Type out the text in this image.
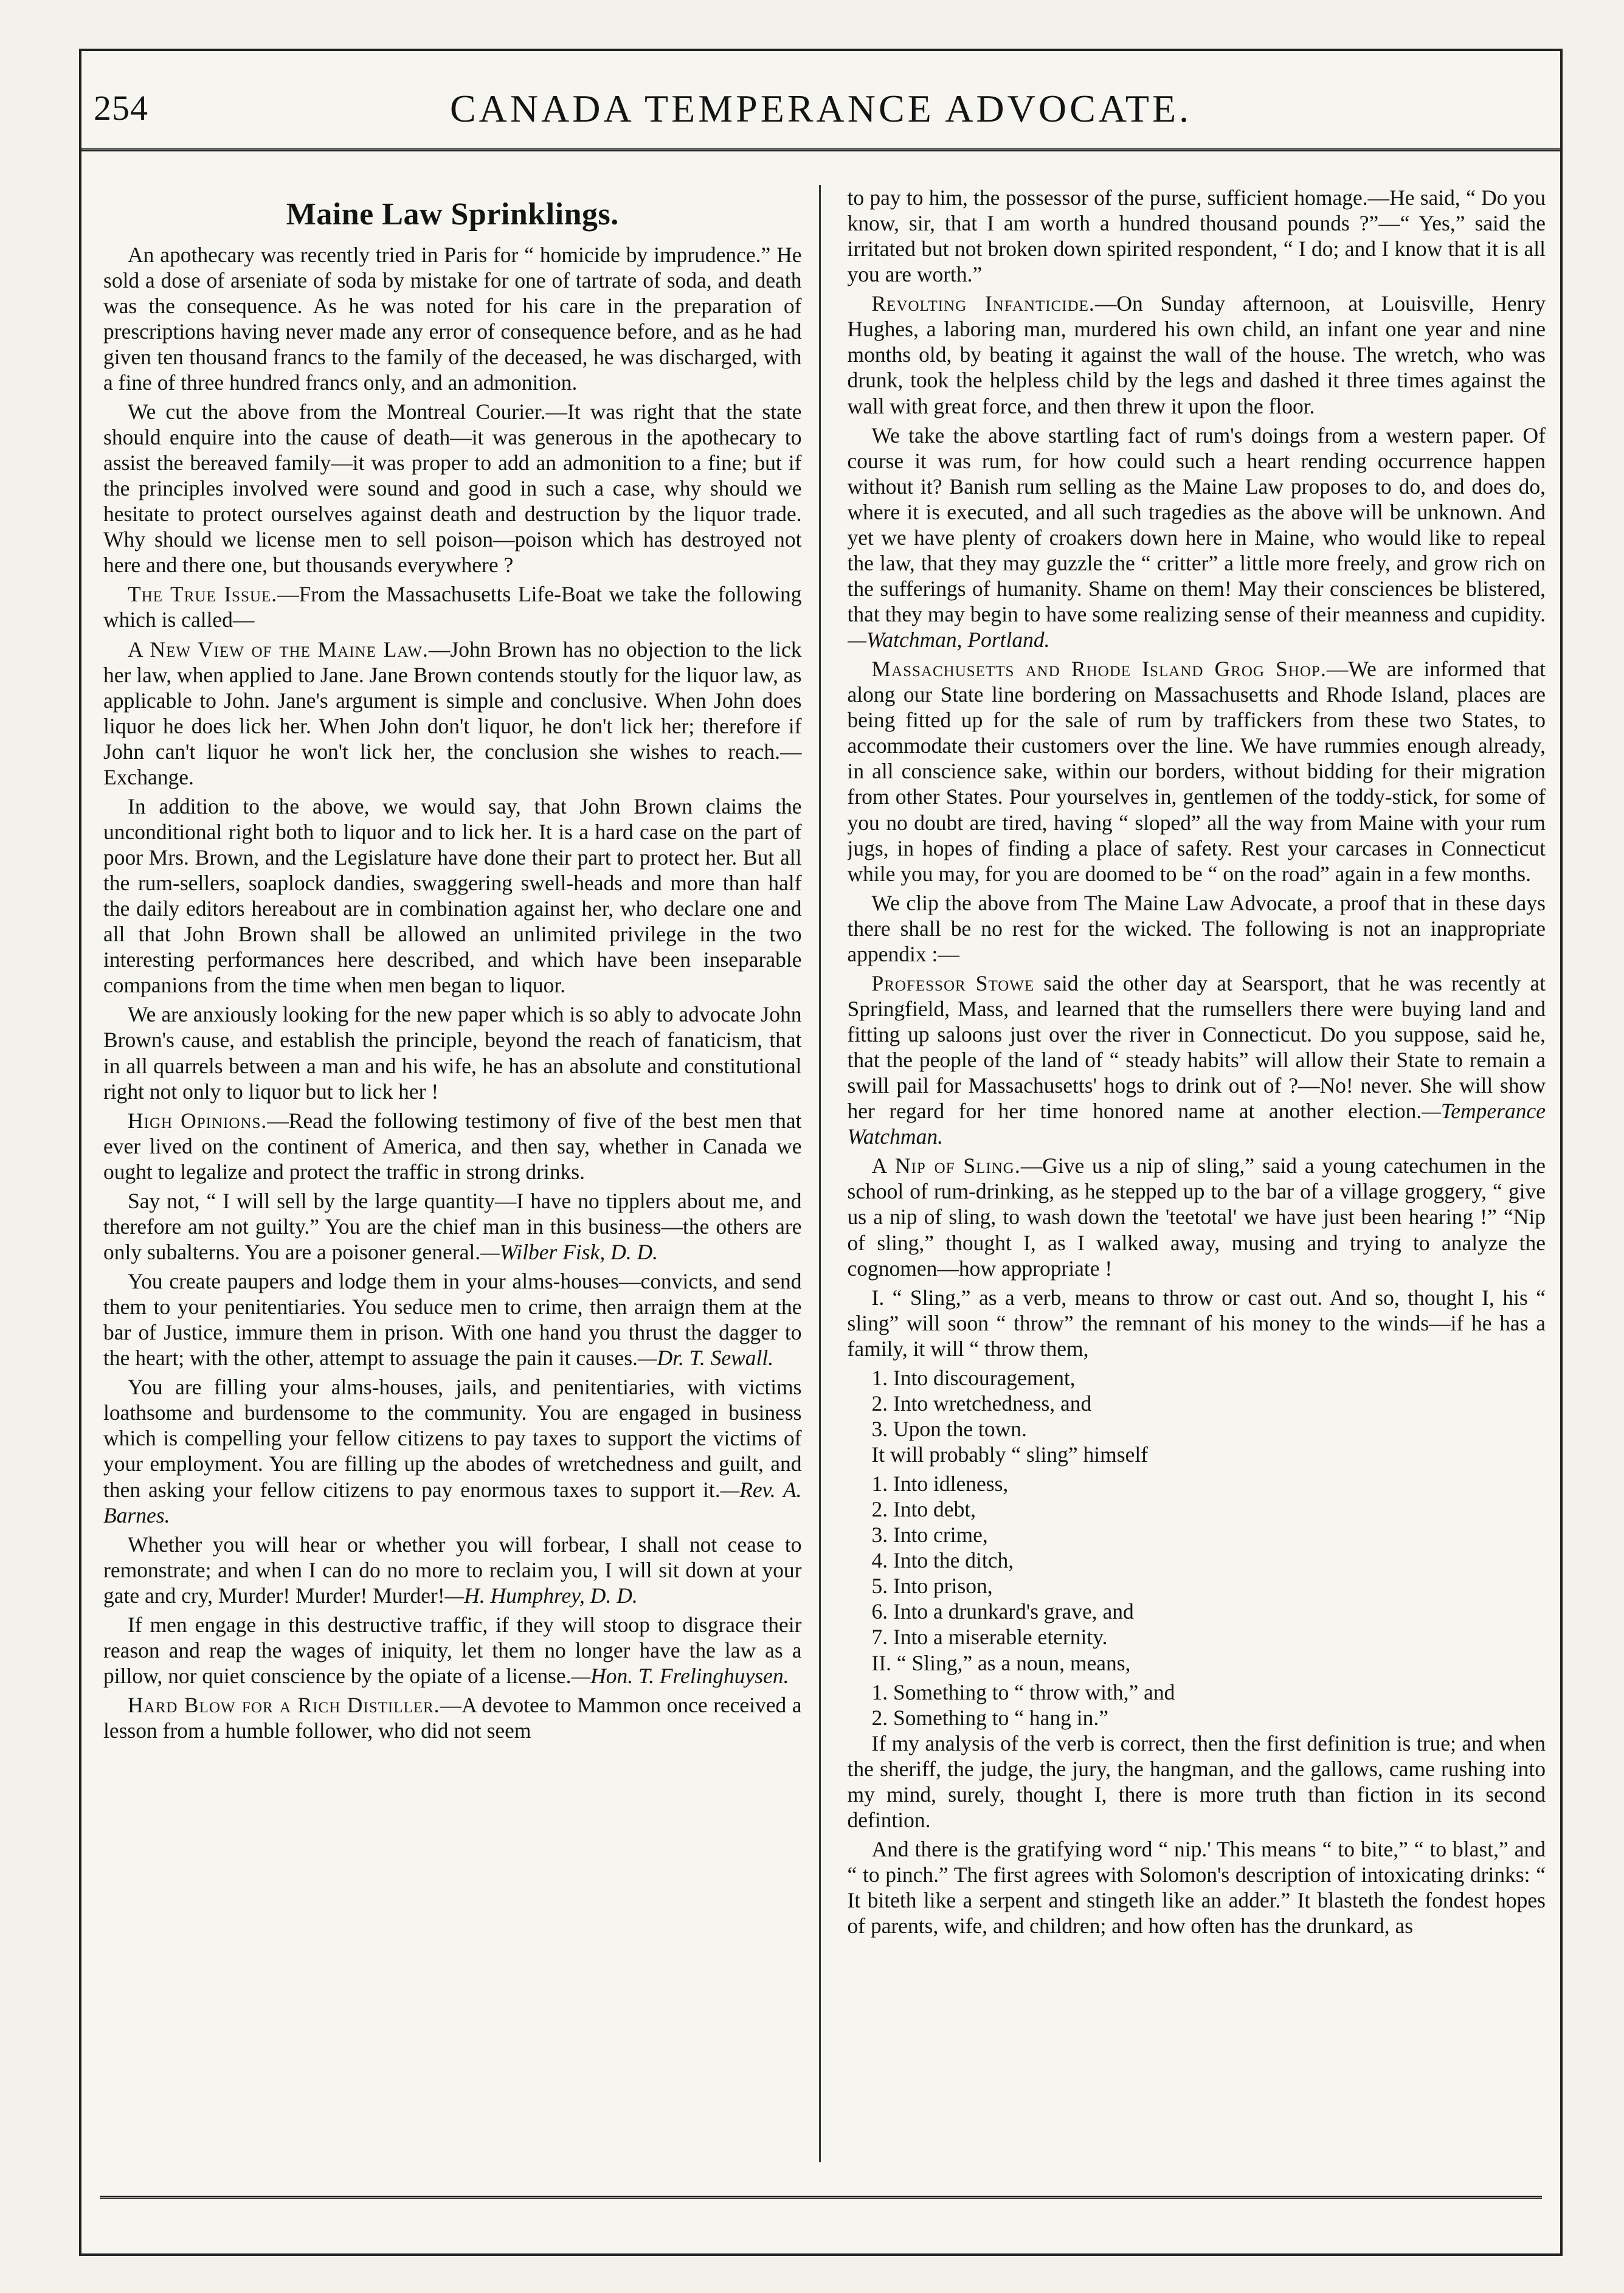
254	CANADA TEMPERANCE ADVOCATE.
Maine Law Sprinklings.

An apothecary was recently tried in Paris for “ homicide by imprudence.” He sold a dose of arseniate of soda by mistake for one of tartrate of soda, and death was the consequence. As he was noted for his care in the preparation of prescriptions having never made any error of consequence before, and as he had given ten thousand francs to the family of the deceased, he was discharged, with a fine of three hundred francs only, and an admonition.

We cut the above from the Montreal Courier.—It was right that the state should enquire into the cause of death—it was generous in the apothecary to assist the bereaved family—it was proper to add an admonition to a fine; but if the principles involved were sound and good in such a case, why should we hesitate to protect ourselves against death and destruction by the liquor trade. Why should we license men to sell poison—poison which has destroyed not here and there one, but thousands everywhere ?

The True Issue.—From the Massachusetts Life-Boat we take the following which is called—

A New View of the Maine Law.—John Brown has no objection to the lick her law, when applied to Jane. Jane Brown contends stoutly for the liquor law, as applicable to John. Jane's argument is simple and conclusive. When John does liquor he does lick her. When John don't liquor, he don't lick her; therefore if John can't liquor he won't lick her, the conclusion she wishes to reach.—Exchange.

In addition to the above, we would say, that John Brown claims the unconditional right both to liquor and to lick her. It is a hard case on the part of poor Mrs. Brown, and the Legislature have done their part to protect her. But all the rum-sellers, soaplock dandies, swaggering swell-heads and more than half the daily editors hereabout are in combination against her, who declare one and all that John Brown shall be allowed an unlimited privilege in the two interesting performances here described, and which have been inseparable companions from the time when men began to liquor.

We are anxiously looking for the new paper which is so ably to advocate John Brown's cause, and establish the principle, beyond the reach of fanaticism, that in all quarrels between a man and his wife, he has an absolute and constitutional right not only to liquor but to lick her !

High Opinions.—Read the following testimony of five of the best men that ever lived on the continent of America, and then say, whether in Canada we ought to legalize and protect the traffic in strong drinks.

Say not, “ I will sell by the large quantity—I have no tipplers about me, and therefore am not guilty.” You are the chief man in this business—the others are only subalterns. You are a poisoner general.—Wilber Fisk, D. D.

You create paupers and lodge them in your alms-houses—convicts, and send them to your penitentiaries. You seduce men to crime, then arraign them at the bar of Justice, immure them in prison. With one hand you thrust the dagger to the heart; with the other, attempt to assuage the pain it causes.—Dr. T. Sewall.

You are filling your alms-houses, jails, and penitentiaries, with victims loathsome and burdensome to the community. You are engaged in business which is compelling your fellow citizens to pay taxes to support the victims of your employment. You are filling up the abodes of wretchedness and guilt, and then asking your fellow citizens to pay enormous taxes to support it.—Rev. A. Barnes.

Whether you will hear or whether you will forbear, I shall not cease to remonstrate; and when I can do no more to reclaim you, I will sit down at your gate and cry, Murder! Murder! Murder!—H. Humphrey, D. D.

If men engage in this destructive traffic, if they will stoop to disgrace their reason and reap the wages of iniquity, let them no longer have the law as a pillow, nor quiet conscience by the opiate of a license.—Hon. T. Frelinghuysen.

Hard Blow for a Rich Distiller.—A devotee to Mammon once received a lesson from a humble follower, who did not seem

to pay to him, the possessor of the purse, sufficient homage.—He said, “ Do you know, sir, that I am worth a hundred thousand pounds ?”—“ Yes,” said the irritated but not broken down spirited respondent, “ I do; and I know that it is all you are worth.”

Revolting Infanticide.—On Sunday afternoon, at Louisville, Henry Hughes, a laboring man, murdered his own child, an infant one year and nine months old, by beating it against the wall of the house. The wretch, who was drunk, took the helpless child by the legs and dashed it three times against the wall with great force, and then threw it upon the floor.

We take the above startling fact of rum's doings from a western paper. Of course it was rum, for how could such a heart rending occurrence happen without it? Banish rum selling as the Maine Law proposes to do, and does do, where it is executed, and all such tragedies as the above will be unknown. And yet we have plenty of croakers down here in Maine, who would like to repeal the law, that they may guzzle the “ critter” a little more freely, and grow rich on the sufferings of humanity. Shame on them! May their consciences be blistered, that they may begin to have some realizing sense of their meanness and cupidity.—Watchman, Portland.

Massachusetts and Rhode Island Grog Shop.—We are informed that along our State line bordering on Massachusetts and Rhode Island, places are being fitted up for the sale of rum by traffickers from these two States, to accommodate their customers over the line. We have rummies enough already, in all conscience sake, within our borders, without bidding for their migration from other States. Pour yourselves in, gentlemen of the toddy-stick, for some of you no doubt are tired, having “ sloped” all the way from Maine with your rum jugs, in hopes of finding a place of safety. Rest your carcases in Connecticut while you may, for you are doomed to be “ on the road” again in a few months.

We clip the above from The Maine Law Advocate, a proof that in these days there shall be no rest for the wicked. The following is not an inappropriate appendix :—

Professor Stowe said the other day at Searsport, that he was recently at Springfield, Mass, and learned that the rumsellers there were buying land and fitting up saloons just over the river in Connecticut. Do you suppose, said he, that the people of the land of “ steady habits” will allow their State to remain a swill pail for Massachusetts' hogs to drink out of ?—No! never. She will show her regard for her time honored name at another election.—Temperance Watchman.

A Nip of Sling.—Give us a nip of sling,” said a young catechumen in the school of rum-drinking, as he stepped up to the bar of a village groggery, “ give us a nip of sling, to wash down the 'teetotal' we have just been hearing !” “Nip of sling,” thought I, as I walked away, musing and trying to analyze the cognomen—how appropriate !

I. “ Sling,” as a verb, means to throw or cast out. And so, thought I, his “ sling” will soon “ throw” the remnant of his money to the winds—if he has a family, it will “ throw them,

1. Into discouragement,
2. Into wretchedness, and
3. Upon the town.

It will probably “ sling” himself

1. Into idleness,
2. Into debt,
3. Into crime,
4. Into the ditch,
5. Into prison,
6. Into a drunkard's grave, and
7. Into a miserable eternity.

II. “ Sling,” as a noun, means,

1. Something to “ throw with,” and
2. Something to “ hang in.”

If my analysis of the verb is correct, then the first definition is true; and when the sheriff, the judge, the jury, the hangman, and the gallows, came rushing into my mind, surely, thought I, there is more truth than fiction in its second defintion.

And there is the gratifying word “ nip.' This means “ to bite,” “ to blast,” and “ to pinch.” The first agrees with Solomon's description of intoxicating drinks: “ It biteth like a serpent and stingeth like an adder.” It blasteth the fondest hopes of parents, wife, and children; and how often has the drunkard, as
